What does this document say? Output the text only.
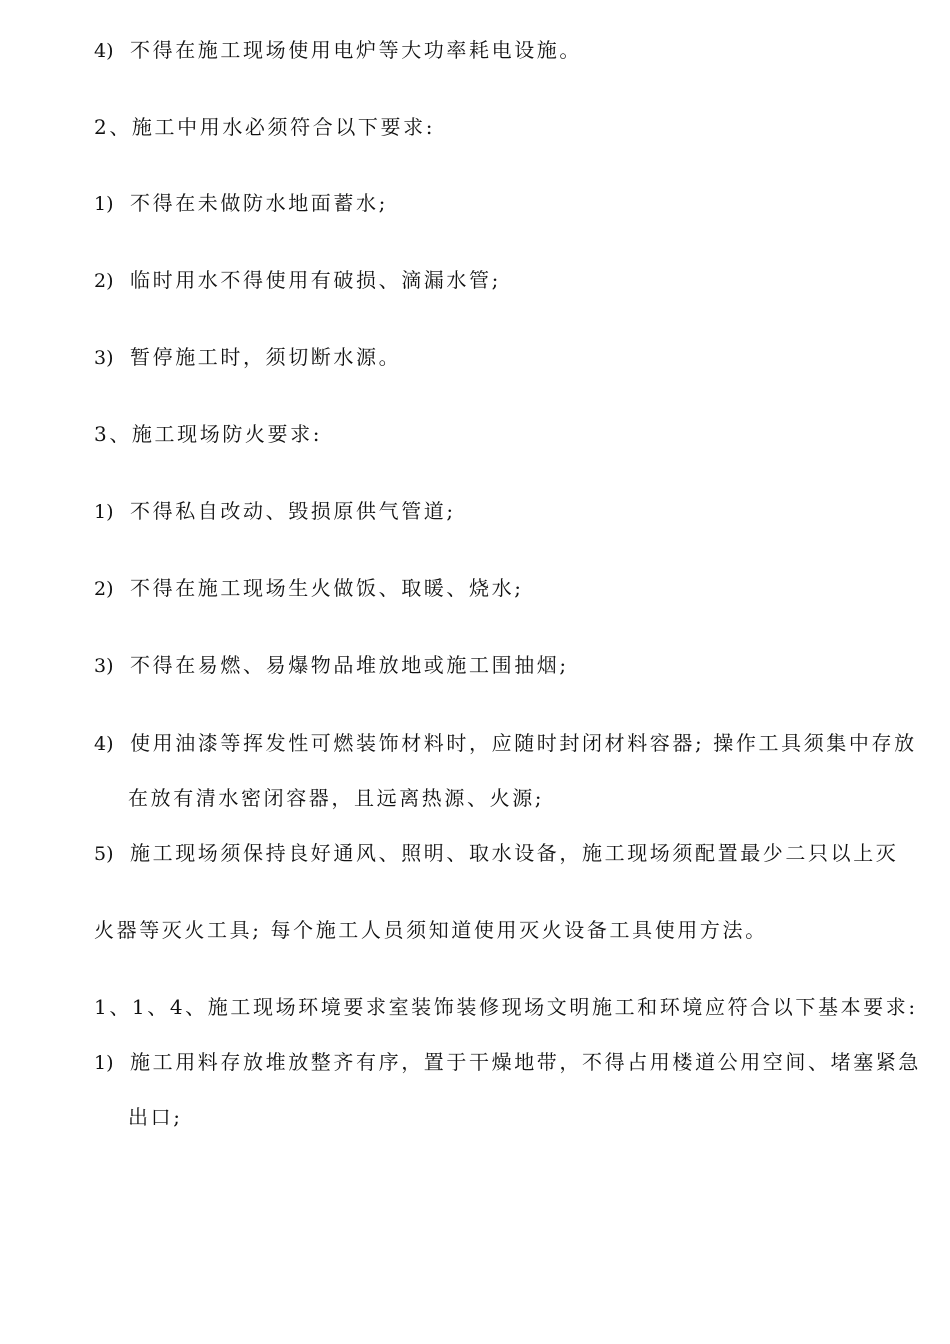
4) 不得在施工现场使用电炉等大功率耗电设施。
2、施工中用水必须符合以下要求:
1) 不得在未做防水地面蓄水;
2) 临时用水不得使用有破损、滴漏水管;
3) 暂停施工时，须切断水源。
3、施工现场防火要求:
1) 不得私自改动、毁损原供气管道;
2) 不得在施工现场生火做饭、取暖、烧水;
3) 不得在易燃、易爆物品堆放地或施工围抽烟;
4) 使用油漆等挥发性可燃装饰材料时，应随时封闭材料容器; 操作工具须集中存放
在放有清水密闭容器，且远离热源、火源;
5) 施工现场须保持良好通风、照明、取水设备，施工现场须配置最少二只以上灭
火器等灭火工具; 每个施工人员须知道使用灭火设备工具使用方法。
1、1、4、施工现场环境要求室装饰装修现场文明施工和环境应符合以下基本要求:
1) 施工用料存放堆放整齐有序，置于干燥地带，不得占用楼道公用空间、堵塞紧急
出口;
